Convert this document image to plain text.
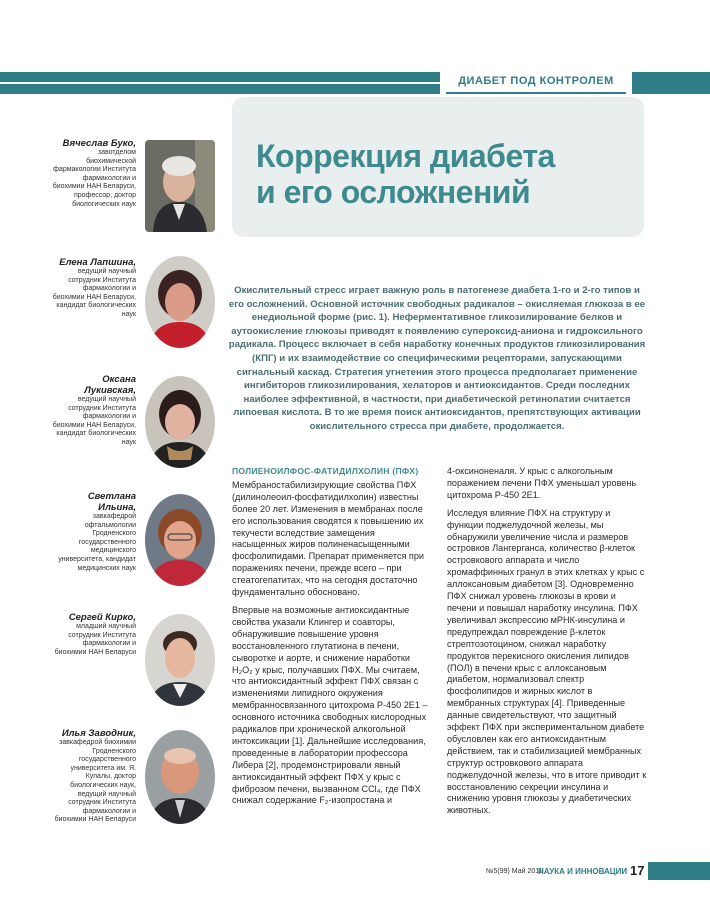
ДИАБЕТ ПОД КОНТРОЛЕМ
Коррекция диабета
и его осложнений
Вячеслав Буко,
завотделом биохимической фармакологии Института фармакологии и биохимии НАН Беларуси, профессор, доктор биологических наук
Елена Лапшина,
ведущий научный сотрудник Института фармакологии и биохимии НАН Беларуси, кандидат биологических наук
Оксана Лукивская,
ведущий научный сотрудник Института фармакологии и биохимии НАН Беларуси, кандидат биологических наук
Светлана Ильина,
завкафедрой офтальмологии Гродненского государственного медицинского университета, кандидат медицинских наук
Сергей Кирко,
младший научный сотрудник Института фармакологии и биохимии НАН Беларуси
Илья Заводник,
завкафедрой биохимии Гродненского государственного университета им. Я. Купалы, доктор биологических наук, ведущий научный сотрудник Института фармакологии и биохимии НАН Беларуси
Окислительный стресс играет важную роль в патогенезе диабета 1-го и 2-го типов и его осложнений. Основной источник свободных радикалов – окисляемая глюкоза в ее енедиольной форме (рис. 1). Неферментативное гликозилирование белков и аутоокисление глюкозы приводят к появлению супероксид-аниона и гидроксильного радикала. Процесс включает в себя наработку конечных продуктов гликозилирования (КПГ) и их взаимодействие со специфическими рецепторами, запускающими сигнальный каскад. Стратегия угнетения этого процесса предполагает применение ингибиторов гликозилирования, хелаторов и антиоксидантов. Среди последних наиболее эффективной, в частности, при диабетической ретинопатии считается липоевая кислота. В то же время поиск антиоксидантов, препятствующих активации окислительного стресса при диабете, продолжается.
ПОЛИЕНОИЛФОС-ФАТИДИЛХОЛИН (ПФХ)

Мембраностабилизирующие свойства ПФХ (дилинолеоил-фосфатидилхолин) известны более 20 лет. Изменения в мембранах после его использования сводятся к повышению их текучести вследствие замещения насыщенных жиров полиненасыщенными фосфолипидами. Препарат применяется при поражениях печени, прежде всего – при стеатогепатитах, что на сегодня достаточно фундаментально обосновано.

Впервые на возможные антиоксидантные свойства указали Клингер и соавторы, обнаружившие повышение уровня восстановленного глутатиона в печени, сыворотке и аорте, и снижение наработки H₂O₂ у крыс, получавших ПФХ. Мы считаем, что антиоксидантный эффект ПФХ связан с изменениями липидного окружения мембранносвязанного цитохрома Р-450 2Е1 – основного источника свободных кислородных радикалов при хронической алкогольной интоксикации [1]. Дальнейшие исследования, проведенные в лаборатории профессора Либера [2], продемонстрировали явный антиоксидантный эффект ПФХ у крыс с фиброзом печени, вызванном CCl₄, где ПФХ снижал содержание F₂-изопростана и

4-оксиноненаля. У крыс с алкогольным поражением печени ПФХ уменьшал уровень цитохрома Р-450 2Е1.

Исследуя влияние ПФХ на структуру и функции поджелудочной железы, мы обнаружили увеличение числа и размеров островков Лангерганса, количество β-клеток островкового аппарата и число хромаффинных гранул в этих клетках у крыс с аллоксановым диабетом [3]. Одновременно ПФХ снижал уровень глюкозы в крови и печени и повышал наработку инсулина. ПФХ увеличивал экспрессию мРНК-инсулина и предупреждал повреждение β-клеток стрептозотоцином, снижал наработку продуктов перекисного окисления липидов (ПОЛ) в печени крыс с аллоксановым диабетом, нормализовал спектр фосфолипидов и жирных кислот в мембранных структурах [4]. Приведенные данные свидетельствуют, что защитный эффект ПФХ при экспериментальном диабете обусловлен как его антиоксидантным действием, так и стабилизацией мембранных структур островкового аппарата поджелудочной железы, что в итоге приводит к восстановлению секреции инсулина и снижению уровня глюкозы у диабетических животных.

№5(99) Май 2011
НАУКА И ИННОВАЦИИ 17
